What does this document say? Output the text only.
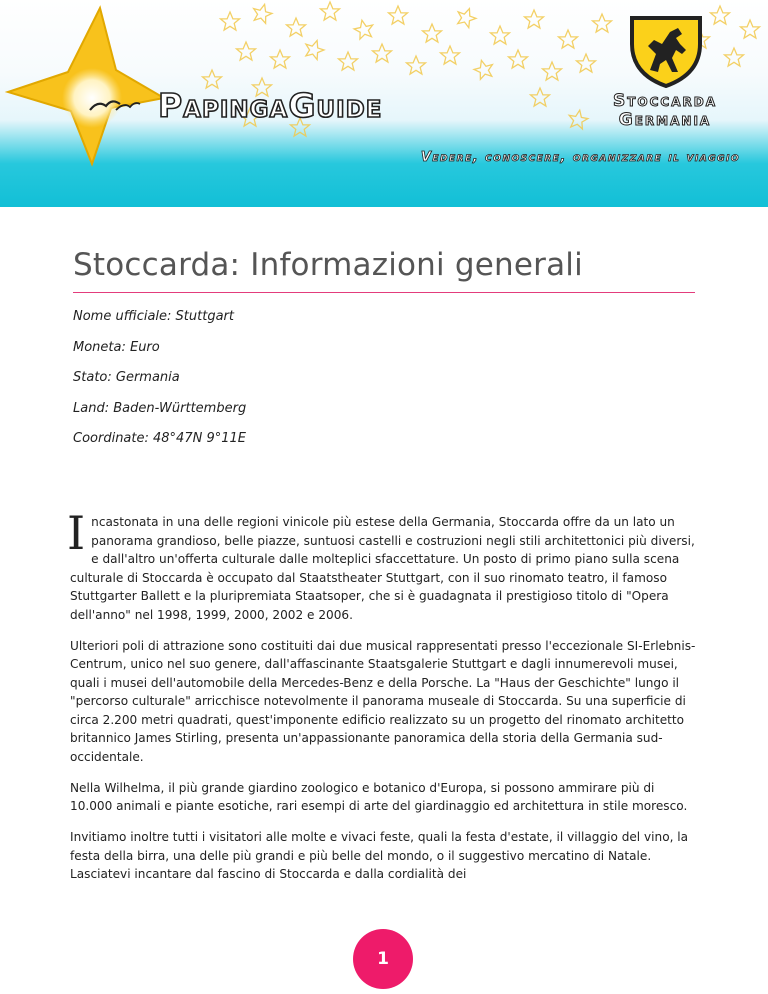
PapingaGuide	Stoccarda
Germania
Vedere, conoscere, organizzare il viaggio
Stoccarda: Informazioni generali
Nome ufficiale: Stuttgart
Moneta: Euro
Stato: Germania
Land: Baden-Württemberg
Coordinate: 48°47N 9°11E

Incastonata in una delle regioni vinicole più estese della Germania, Stoccarda offre da un lato un panorama grandioso, belle piazze, suntuosi castelli e costruzioni negli stili architettonici più diversi, e dall'altro un'offerta culturale dalle molteplici sfaccettature. Un posto di primo piano sulla scena culturale di Stoccarda è occupato dal Staatstheater Stuttgart, con il suo rinomato teatro, il famoso Stuttgarter Ballett e la pluripremiata Staatsoper, che si è guadagnata il prestigioso titolo di "Opera dell'anno" nel 1998, 1999, 2000, 2002 e 2006.

Ulteriori poli di attrazione sono costituiti dai due musical rappresentati presso l'eccezionale SI-Erlebnis-Centrum, unico nel suo genere, dall'affascinante Staatsgalerie Stuttgart e dagli innumerevoli musei, quali i musei dell'automobile della Mercedes-Benz e della Porsche. La "Haus der Geschichte" lungo il "percorso culturale" arricchisce notevolmente il panorama museale di Stoccarda. Su una superficie di circa 2.200 metri quadrati, quest'imponente edificio realizzato su un progetto del rinomato architetto britannico James Stirling, presenta un'appassionante panoramica della storia della Germania sud-occidentale.

Nella Wilhelma, il più grande giardino zoologico e botanico d'Europa, si possono ammirare più di 10.000 animali e piante esotiche, rari esempi di arte del giardinaggio ed architettura in stile moresco.

Invitiamo inoltre tutti i visitatori alle molte e vivaci feste, quali la festa d'estate, il villaggio del vino, la festa della birra, una delle più grandi e più belle del mondo, o il suggestivo mercatino di Natale. Lasciatevi incantare dal fascino di Stoccarda e dalla cordialità dei

1
